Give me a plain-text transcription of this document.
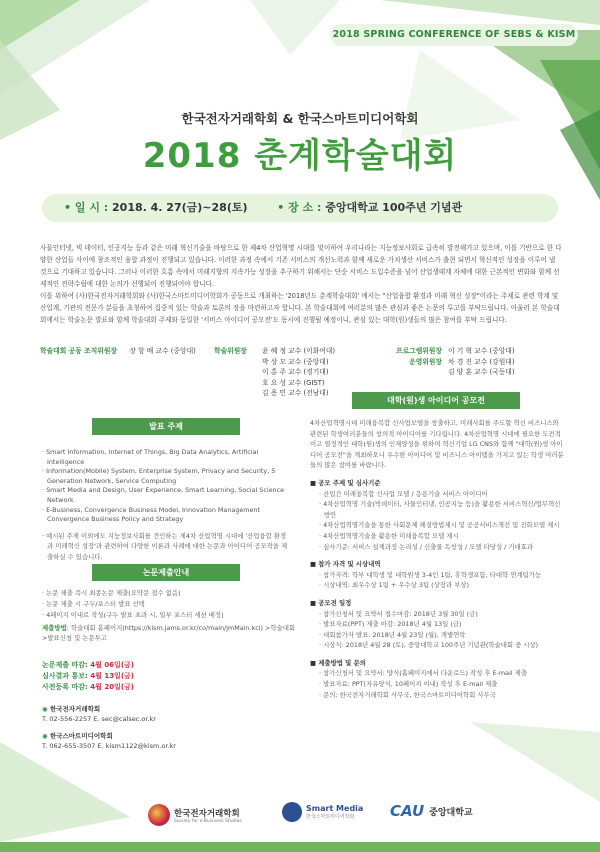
2018 SPRING CONFERENCE OF SEBS & KISM
한국전자거래학회 & 한국스마트미디어학회
2018 춘계학술대회
• 일 시 : 2018. 4. 27(금)~28(토)	• 장 소 : 중앙대학교 100주년 기념관

사물인터넷, 빅 데이터, 인공지능 등과 같은 미래 혁신기술을 바탕으로 한 제4차 산업혁명 시대를 맞이하여 우리나라는 지능정보사회로 급속히 발전해가고 있으며, 이를 기반으로 한 다양한 산업들 사이에 창조적인 융합 과정이 진행되고 있습니다. 이러한 과정 속에서 기존 서비스의 개선노력과 함께 새로운 가치생산 서비스가 출현 되면서 혁신적인 성장을 이루어 낼 것으로 기대하고 있습니다. 그러나 이러한 흐름 속에서 미래지향의 지속가능 성장을 추구하기 위해서는 단순 서비스 도입수준을 넘어 산업생태계 자체에 대한 근본적인 변화와 함께 선제적인 전략수립에 대한 논의가 선행되어 진행되어야 합니다.

이를 위하여 (사)한국전자거래학회와 (사)한국스마트미디어학회가 공동으로 개최하는 '2018년도 춘계학술대회' 에서는 "산업융합 환경과 미래 혁신 성장"이라는 주제로 관련 학계 및 산업계, 기관의 전문가 분들을 초청하여 집중적 있는 학술과 토론의 장을 마련하고자 합니다. 본 학술대회에 여러분의 많은 관심과 좋은 논문의 투고를 부탁드립니다. 아울러 본 학술대회에서는 학술논문 발표와 함께 학술대회 주제와 동일한 '서비스 아이디어 공모전'도 동시에 진행될 예정이니, 관심 있는 대학(원)생들의 많은 참여를 부탁 드립니다.

학술대회 공동 조직위원장 장 항 배 교수 (중앙대)	학술위원장	윤 혜 정 교수 (이화여대)
박 상 모 교수 (중앙대)
이 홍 주 교수 (경기대)
호 요 성 교수 (GIST)
김 용 민 교수 (전남대)
프로그램위원장 이 기 혁 교수 (중앙대)
운영위원장 차 경 진 교수 (강원대)
김 양 훈 교수 (국동대)
발표 주제
· Smart Information, Internet of Things, Big Data Analytics, Artificial Intelligence
· Information(Mobile) System, Enterprise System, Privacy and Security, 5 Generation Network, Service Computing
· Smart Media and Design, User Experience, Smart Learning, Social Science Network
· E-Business, Convergence Business Model, Innovation Management Convergence Business Policy and Strategy
· 예시된 주제 이외에도 지능정보사회를 견인하는 제4차 산업혁명 시대에 '산업융합 환경과 미래혁신 성장'과 관련하여 다양한 이론과 사례에 대한 논문과 아이디어 공모작을 제출하실 수 있습니다.
논문제출안내
· 논문 제출 즉시 최종논문 제출(요약문 접수 없음)
· 논문 제출 시 구두/포스터 발표 선택
· 4페이지 이내로 작성(구두 발표 초과 시, 일부 포스터 세션 배정)
제출방법: 학술대회 홈페이지(https://kism.jams.or.kr/co/main/jmMain.kci) >학술대회 >발표신청 및 논문투고
논문제출 마감: 4월 06일(금)
심사결과 통보: 4월 13일(금)
사전등록 마감: 4월 20일(금)
◉ 한국전자거래학회
T. 02-556-2257 E. sec@calsec.or.kr
◉ 한국스마트미디어학회
T. 062-655-3507 E. kism1122@kism.or.kr
대학(원)생 아이디어 공모전
4차산업혁명시대 미래융복합 신사업모델을 창출하고, 미래사회를 주도할 혁신 비즈니스와 관련된 학생여러분들의 창의적 아이디어를 기다립니다. 4차산업혁명 시대에 필요한 도전적이고 열정적인 대학(원)생의 인재양성을 위하여 혁신기업 LG CNS와 함께 "대학(원)생 아이디어 공모전"을 개최하오니 우수한 아이디어 및 비즈니스 아이템을 가지고 있는 학생 여러분들의 많은 참여를 바랍니다.
■ 공모 주제 및 심사기준
· 산업간 미래융복합 신사업 모델 / 응용기술 서비스 아이디어
· 4차산업혁명 기술(빅데이터, 사물인터넷, 인공지능 등)을 활용한 서비스혁신/업무혁신 방안
· 4차산업혁명기술을 통한 사회문제 해결방법제시 및 공공서비스개선 및 진화모델 제시
· 4차산업혁명기술을 활용한 미래융복합 모델 제시
· 심사기준: 서비스 설계과정 논리성 / 신출물 독창성 / 모델 타당성 / 기대효과
■ 참가 자격 및 시상내역
· 참가자격: 학부 대학생 및 대학원생 3-4인 1팀, 휴학생포함, 타대학 연계팀가능
· 시상내역: 최우수상 1팀 + 우수상 3팀 (상장과 부상)
■ 공모전 일정
· 참가신청서 및 요약서 접수마감: 2018년 3월 30일 (금)
· 발표자료(PPT) 제출 마감: 2018년 4월 13일 (금)
· 대회참가자 발표: 2018년 4월 23일 (월), 개별연락
· 시상식: 2018년 4월 28 (토), 중앙대학교 100주년 기념관(학술대회 중 시상)
■ 제출방법 및 문의
· 참가신청서 및 요약서: 양식(홈페이지에서 다운로드) 작성 후 E-mail 제출
· 발표자료: PPT(자유양식, 10페이지 이내) 작성 후 E-mail 제출
· 문의: 한국전자거래학회 사무국, 한국스마트미디어학회 사무국
한국전자거래학회
Society for e-Business Studies
Smart Media
한국스마트미디어학회	CAU 중앙대학교
